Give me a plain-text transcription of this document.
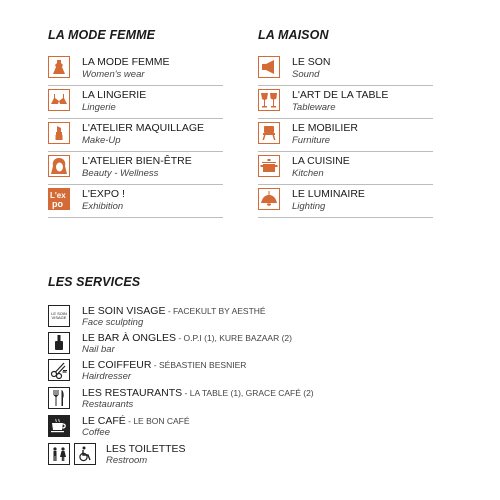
LA MODE FEMME
LA MODE FEMME
Women's wear
LA LINGERIE
Lingerie
L'ATELIER MAQUILLAGE
Make-Up
L'ATELIER BIEN-ÊTRE
Beauty - Wellness
L'ex
po
L'EXPO !
Exhibition
LA MAISON
LE SON
Sound
L'ART DE LA TABLE
Tableware
LE MOBILIER
Furniture
LA CUISINE
Kitchen
LE LUMINAIRE
Lighting
LES SERVICES
LE SOIN VISAGE
LE SOIN VISAGE - FACEKULT BY AESTHÉ
Face sculpting
LE BAR À ONGLES - O.P.I (1), KURE BAZAAR (2)
Nail bar
LE COIFFEUR - SÉBASTIEN BESNIER
Hairdresser
LES RESTAURANTS - LA TABLE (1), GRACE CAFÉ (2)
Restaurants
LE CAFÉ - LE BON CAFÉ
Coffee
LES TOILETTES
Restroom
